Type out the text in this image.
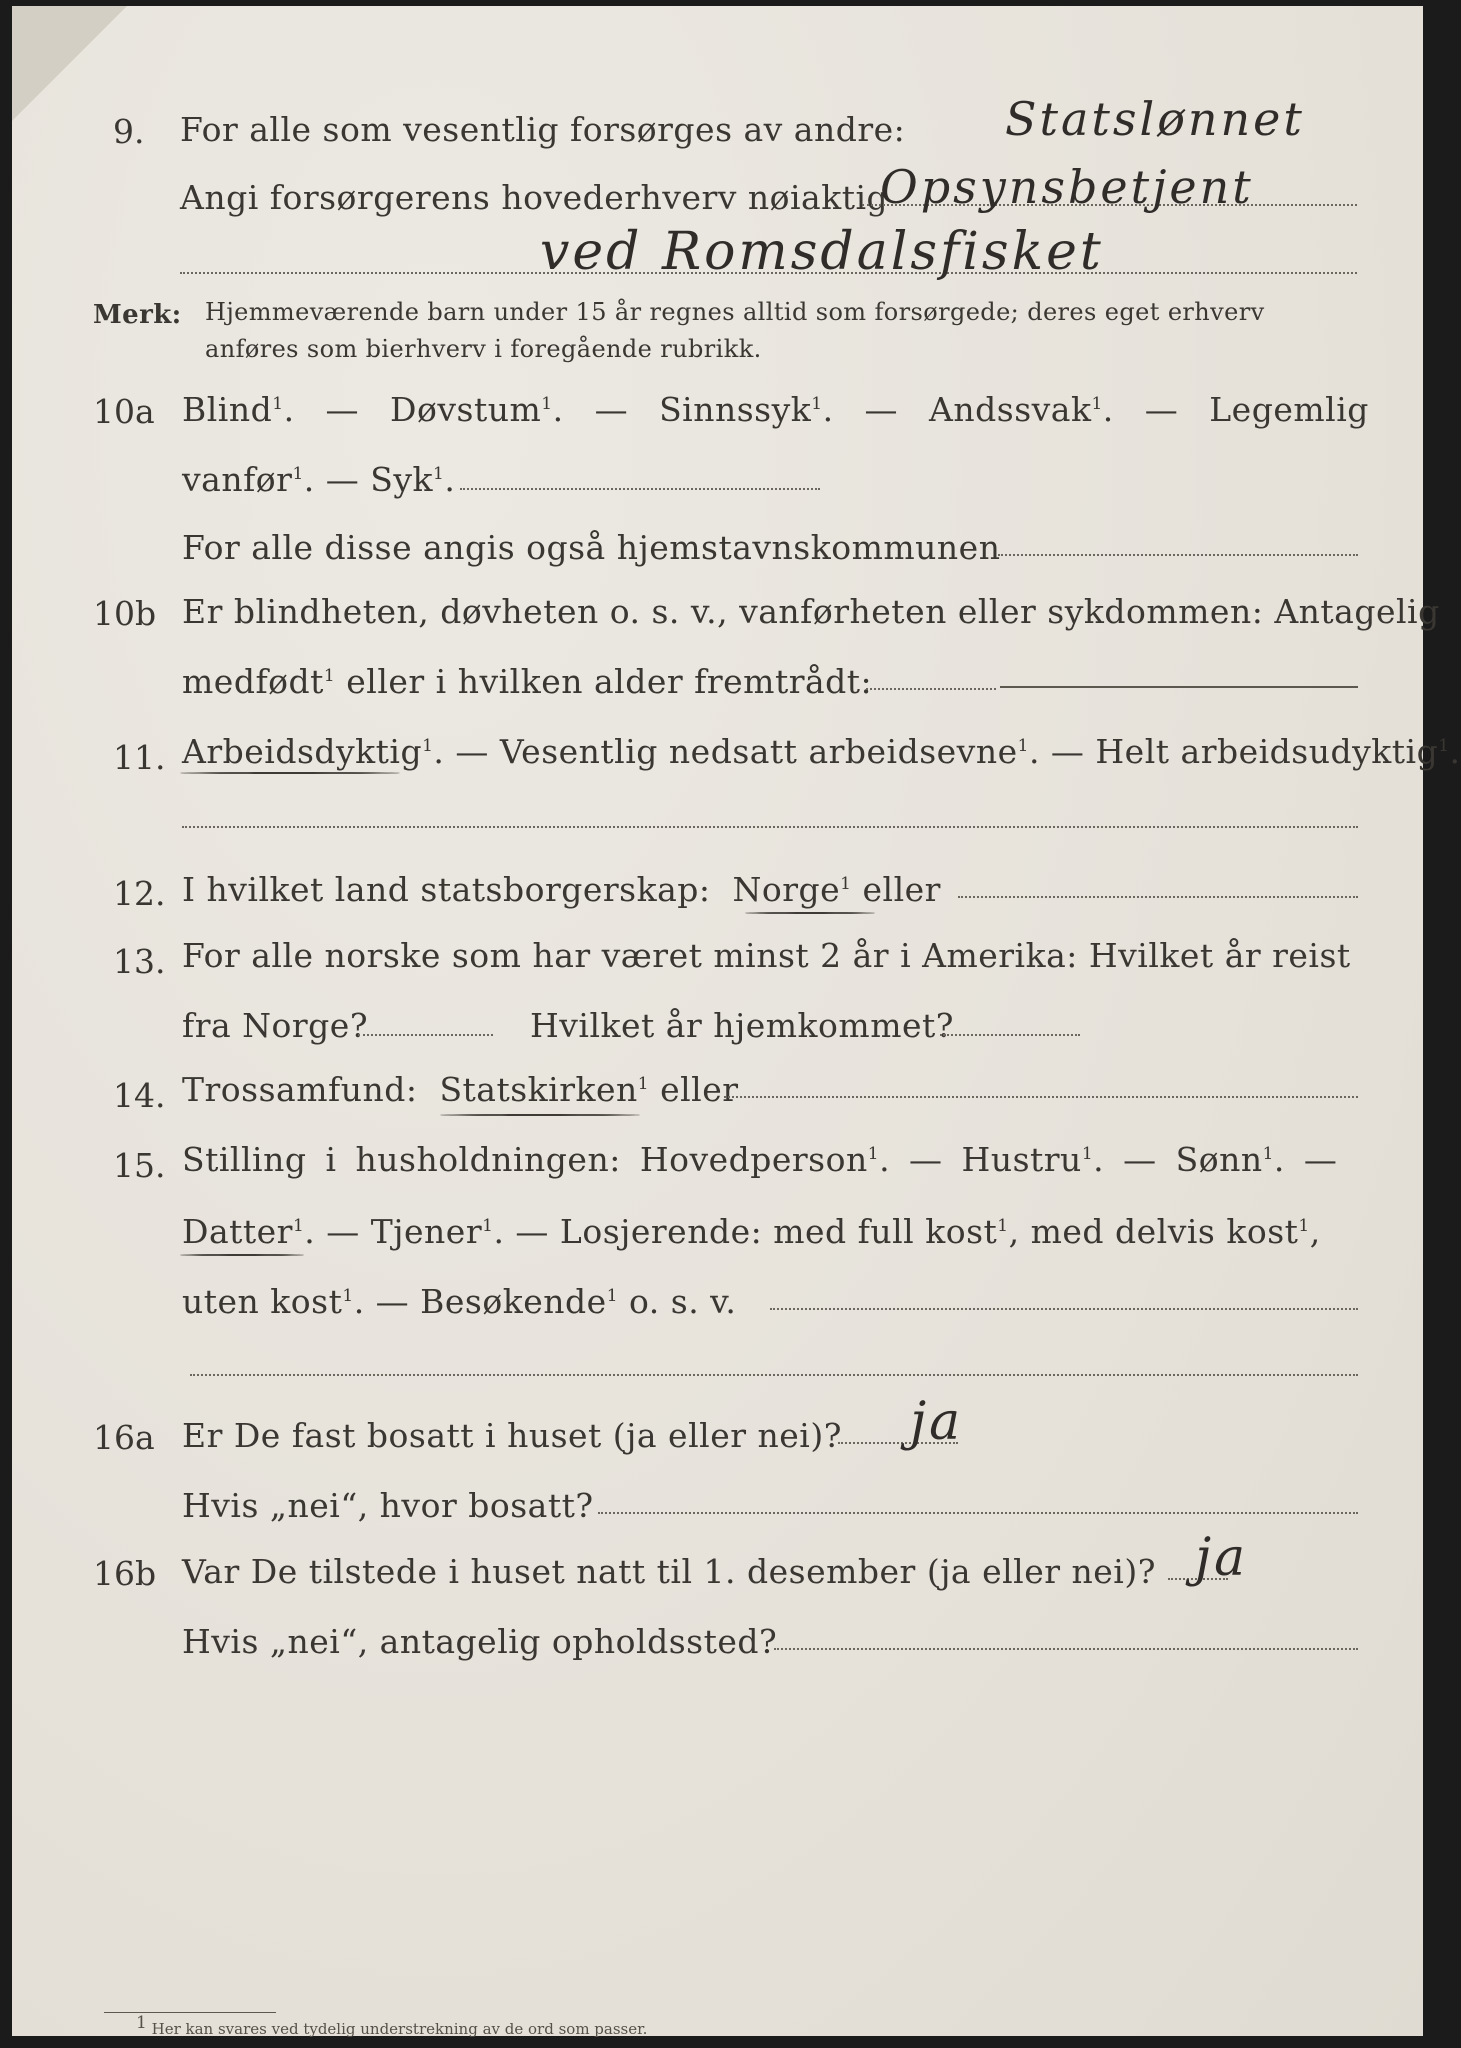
9. For alle som vesentlig forsørges av andre: Statslønnet
Angi forsørgerens hovederhverv nøiaktig
Opsynsbetjent
ved Romsdalsfisket
Merk: Hjemmeværende barn under 15 år regnes alltid som forsørgede; deres eget erhverv
anføres som bierhverv i foregående rubrikk.
10a Blind$^1$. — Døvstum$^1$. — Sinnssyk$^1$. — Andssvak$^1$. — Legemlig
vanfør$^1$. — Syk$^1$.
For alle disse angis også hjemstavnskommunen
10b Er blindheten, døvheten o. s. v., vanførheten eller sykdommen: Antagelig
medfødt$^1$ eller i hvilken alder fremtrådt:
11. Arbeidsdyktig$^1$. — Vesentlig nedsatt arbeidsevne$^1$. — Helt arbeidsudyktig$^1$.
12. I hvilket land statsborgerskap: Norge$^1$ eller
13. For alle norske som har været minst 2 år i Amerika: Hvilket år reist
fra Norge?	Hvilket år hjemkommet?
14. Trossamfund: Statskirken$^1$ eller
15. Stilling i husholdningen: Hovedperson$^1$. — Hustru$^1$. — Sønn$^1$. —
Datter$^1$. — Tjener$^1$. — Losjerende: med full kost$^1$, med delvis kost$^1$,
uten kost$^1$. — Besøkende$^1$ o. s. v.
16a Er De fast bosatt i huset (ja eller nei)? ja
Hvis „nei“, hvor bosatt?
16b Var De tilstede i huset natt til 1. desember (ja eller nei)? ja
Hvis „nei“, antagelig opholdssted?
$^1$ Her kan svares ved tydelig understrekning av de ord som passer.
